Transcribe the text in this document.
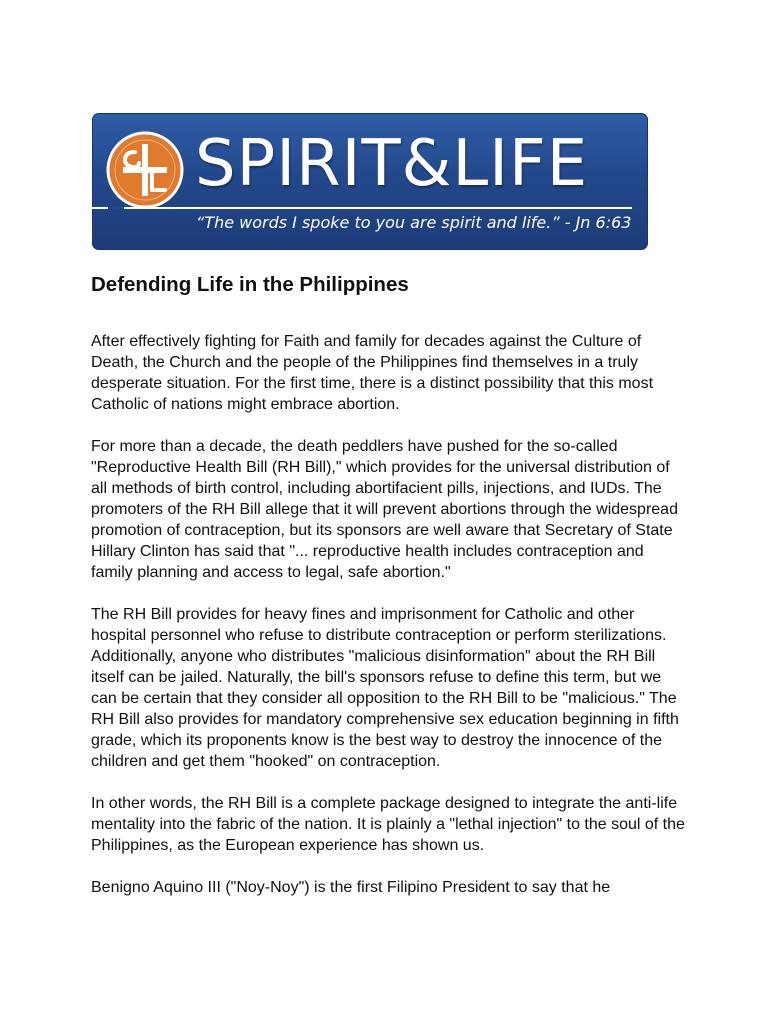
SPIRIT&LIFE
“The words I spoke to you are spirit and life.” - Jn 6:63
Defending Life in the Philippines

After effectively fighting for Faith and family for decades against the Culture of Death, the Church and the people of the Philippines find themselves in a truly desperate situation. For the first time, there is a distinct possibility that this most Catholic of nations might embrace abortion.

For more than a decade, the death peddlers have pushed for the so-called "Reproductive Health Bill (RH Bill)," which provides for the universal distribution of all methods of birth control, including abortifacient pills, injections, and IUDs. The promoters of the RH Bill allege that it will prevent abortions through the widespread promotion of contraception, but its sponsors are well aware that Secretary of State Hillary Clinton has said that "... reproductive health includes contraception and family planning and access to legal, safe abortion."

The RH Bill provides for heavy fines and imprisonment for Catholic and other hospital personnel who refuse to distribute contraception or perform sterilizations. Additionally, anyone who distributes "malicious disinformation" about the RH Bill itself can be jailed. Naturally, the bill's sponsors refuse to define this term, but we can be certain that they consider all opposition to the RH Bill to be "malicious." The RH Bill also provides for mandatory comprehensive sex education beginning in fifth grade, which its proponents know is the best way to destroy the innocence of the children and get them "hooked" on contraception.

In other words, the RH Bill is a complete package designed to integrate the anti-life mentality into the fabric of the nation. It is plainly a "lethal injection" to the soul of the Philippines, as the European experience has shown us.

Benigno Aquino III ("Noy-Noy") is the first Filipino President to say that he
